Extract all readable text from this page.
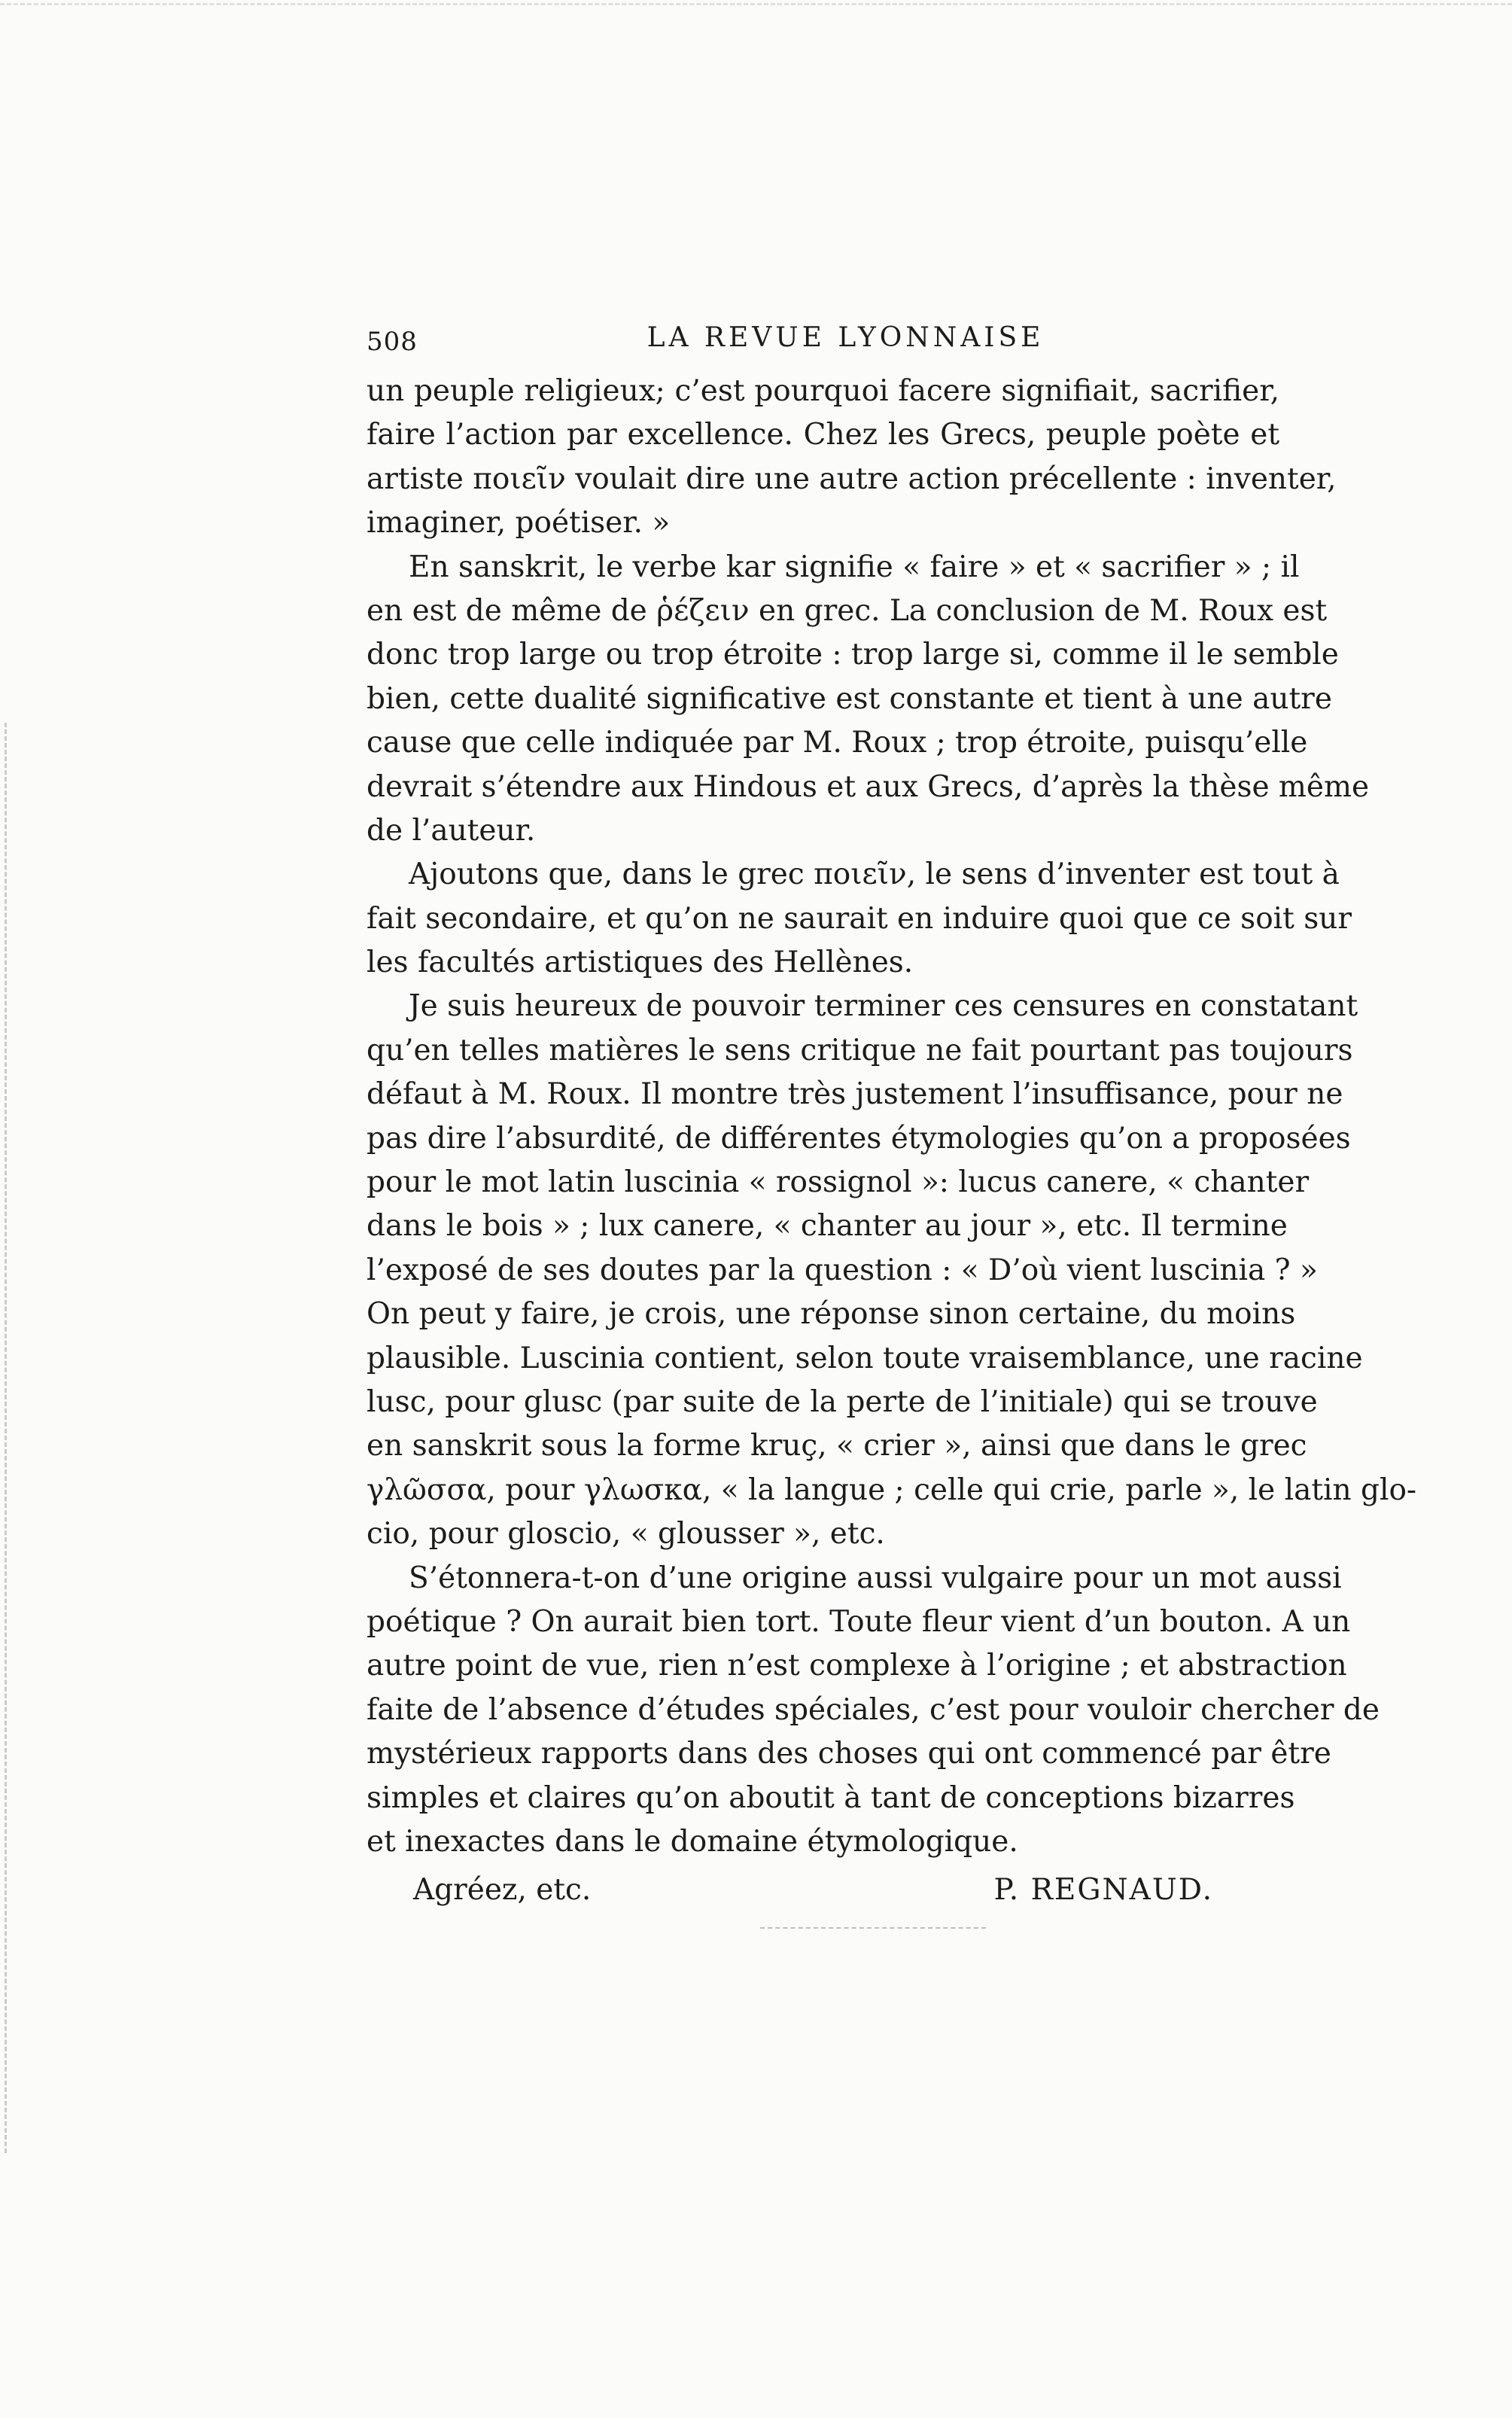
508	LA REVUE LYONNAISE
un peuple religieux; c’est pourquoi facere signifiait, sacrifier,
faire l’action par excellence. Chez les Grecs, peuple poète et
artiste ποιεῖν voulait dire une autre action précellente : inventer,
imaginer, poétiser. »
En sanskrit, le verbe kar signifie « faire » et « sacrifier » ; il
en est de même de ῥέζειν en grec. La conclusion de M. Roux est
donc trop large ou trop étroite : trop large si, comme il le semble
bien, cette dualité significative est constante et tient à une autre
cause que celle indiquée par M. Roux ; trop étroite, puisqu’elle
devrait s’étendre aux Hindous et aux Grecs, d’après la thèse même
de l’auteur.
Ajoutons que, dans le grec ποιεῖν, le sens d’inventer est tout à
fait secondaire, et qu’on ne saurait en induire quoi que ce soit sur
les facultés artistiques des Hellènes.
Je suis heureux de pouvoir terminer ces censures en constatant
qu’en telles matières le sens critique ne fait pourtant pas toujours
défaut à M. Roux. Il montre très justement l’insuffisance, pour ne
pas dire l’absurdité, de différentes étymologies qu’on a proposées
pour le mot latin luscinia « rossignol »: lucus canere, « chanter
dans le bois » ; lux canere, « chanter au jour », etc. Il termine
l’exposé de ses doutes par la question : « D’où vient luscinia ? »
On peut y faire, je crois, une réponse sinon certaine, du moins
plausible. Luscinia contient, selon toute vraisemblance, une racine
lusc, pour glusc (par suite de la perte de l’initiale) qui se trouve
en sanskrit sous la forme kruç, « crier », ainsi que dans le grec
γλῶσσα, pour γλωσκα, « la langue ; celle qui crie, parle », le latin glo-
cio, pour gloscio, « glousser », etc.
S’étonnera-t-on d’une origine aussi vulgaire pour un mot aussi
poétique ? On aurait bien tort. Toute fleur vient d’un bouton. A un
autre point de vue, rien n’est complexe à l’origine ; et abstraction
faite de l’absence d’études spéciales, c’est pour vouloir chercher de
mystérieux rapports dans des choses qui ont commencé par être
simples et claires qu’on aboutit à tant de conceptions bizarres
et inexactes dans le domaine étymologique.
Agréez, etc.	P. REGNAUD.
